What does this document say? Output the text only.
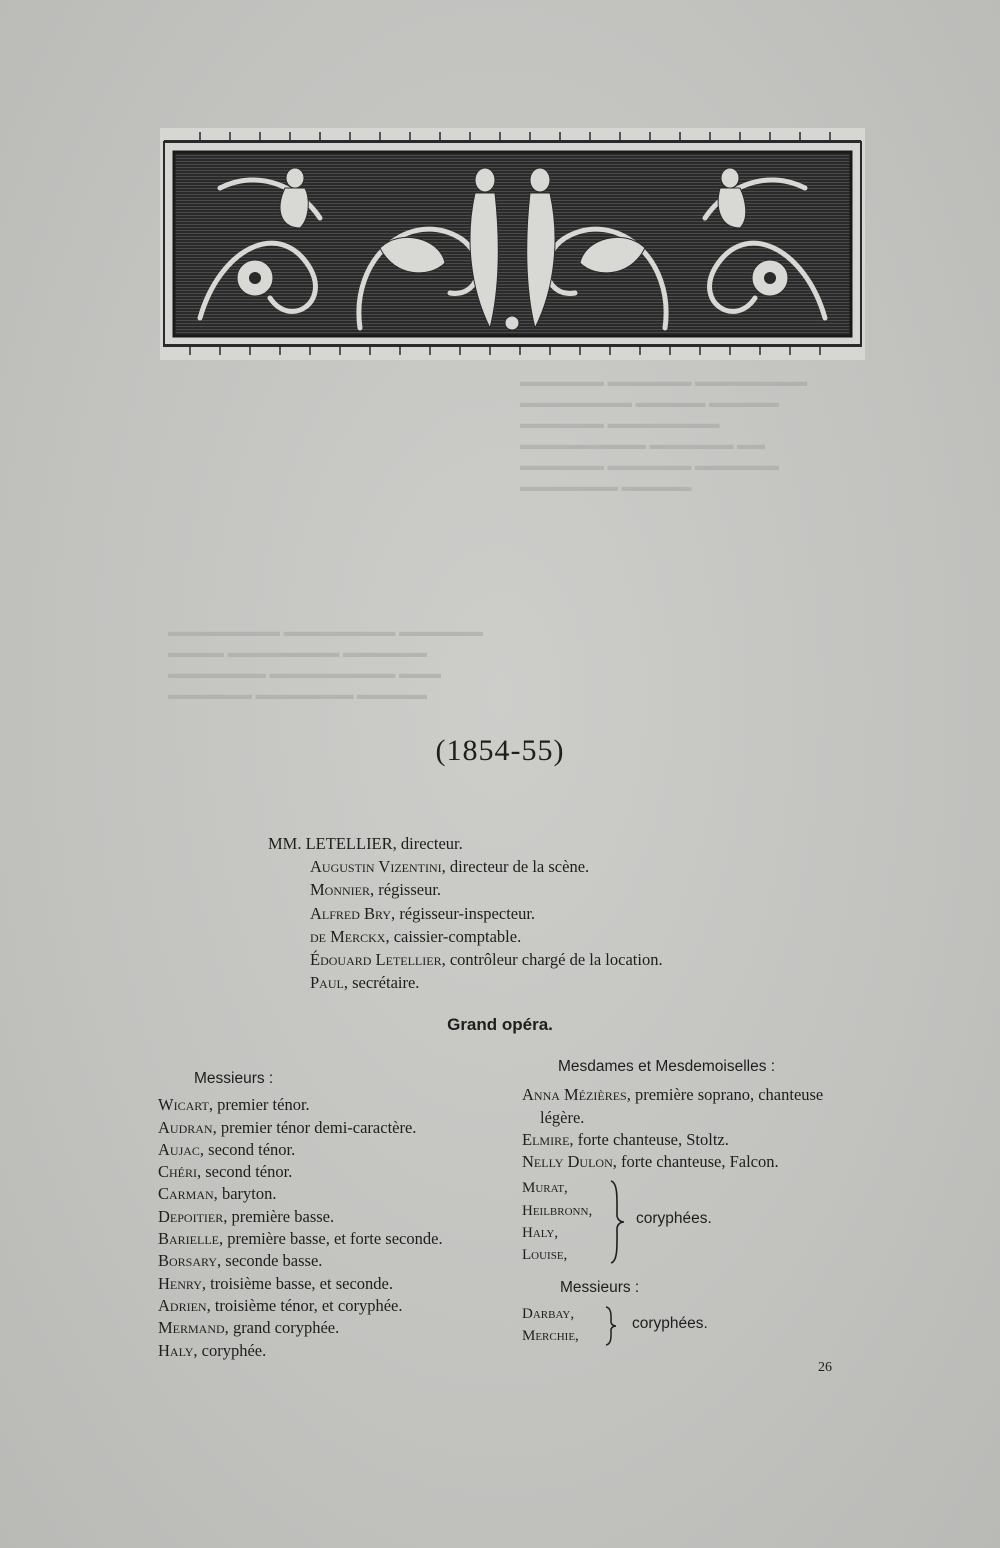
▬▬▬▬▬▬ ▬▬▬▬▬▬ ▬▬▬▬▬▬▬▬
▬▬▬▬▬▬▬▬ ▬▬▬▬▬ ▬▬▬▬▬
▬▬▬▬▬▬ ▬▬▬▬▬▬▬▬
▬▬▬▬▬▬▬▬▬ ▬▬▬▬▬▬ ▬▬
▬▬▬▬▬▬ ▬▬▬▬▬▬ ▬▬▬▬▬▬
▬▬▬▬▬▬▬ ▬▬▬▬▬
▬▬▬▬▬▬▬▬ ▬▬▬▬▬▬▬▬ ▬▬▬▬▬▬
▬▬▬▬ ▬▬▬▬▬▬▬▬ ▬▬▬▬▬▬
▬▬▬▬▬▬▬ ▬▬▬▬▬▬▬▬▬ ▬▬▬
▬▬▬▬▬▬ ▬▬▬▬▬▬▬ ▬▬▬▬▬
(1854-55)
MM. LETELLIER, directeur.
Augustin Vizentini, directeur de la scène.
Monnier, régisseur.
Alfred Bry, régisseur-inspecteur.
de Merckx, caissier-comptable.
Édouard Letellier, contrôleur chargé de la location.
Paul, secrétaire.
Grand opéra.
Messieurs :
Wicart, premier ténor.
Audran, premier ténor demi-caractère.
Aujac, second ténor.
Chéri, second ténor.
Carman, baryton.
Depoitier, première basse.
Barielle, première basse, et forte seconde.
Borsary, seconde basse.
Henry, troisième basse, et seconde.
Adrien, troisième ténor, et coryphée.
Mermand, grand coryphée.
Haly, coryphée.
Mesdames et Mesdemoiselles :
Anna Mézières, première soprano, chanteuse
légère.
Elmire, forte chanteuse, Stoltz.
Nelly Dulon, forte chanteuse, Falcon.
Murat,
Heilbronn,
Haly,
Louise,
coryphées.
Messieurs :
Darbay,
Merchie,
coryphées.
26
